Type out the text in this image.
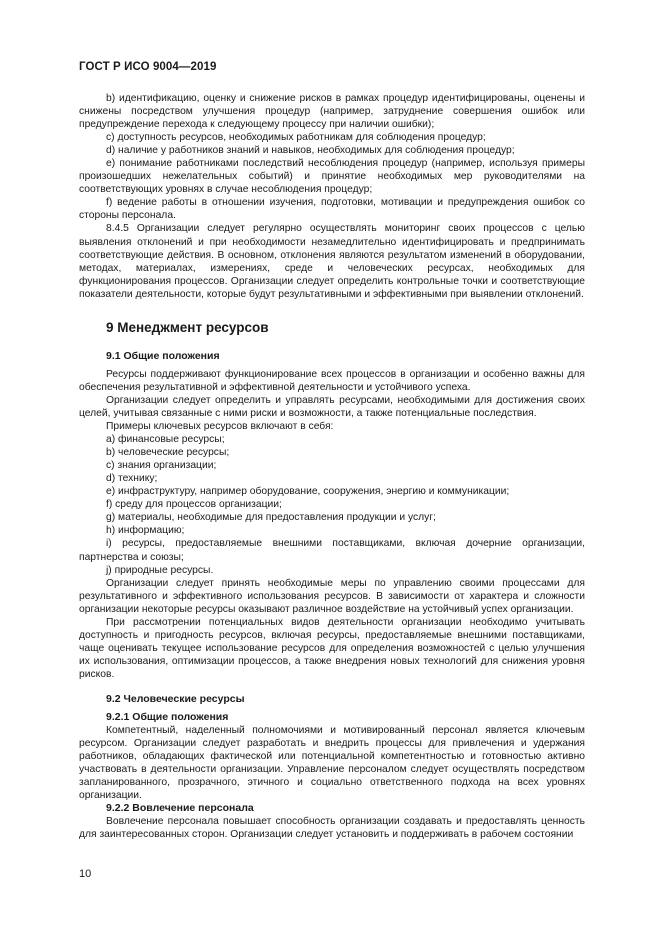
ГОСТ Р ИСО 9004—2019

b) идентификацию, оценку и снижение рисков в рамках процедур идентифицированы, оценены и снижены посредством улучшения процедур (например, затруднение совершения ошибок или предупреждение перехода к следующему процессу при наличии ошибки);

c) доступность ресурсов, необходимых работникам для соблюдения процедур;

d) наличие у работников знаний и навыков, необходимых для соблюдения процедур;

e) понимание работниками последствий несоблюдения процедур (например, используя примеры произошедших нежелательных событий) и принятие необходимых мер руководителями на соответствующих уровнях в случае несоблюдения процедур;

f) ведение работы в отношении изучения, подготовки, мотивации и предупреждения ошибок со стороны персонала.

8.4.5 Организации следует регулярно осуществлять мониторинг своих процессов с целью выявления отклонений и при необходимости незамедлительно идентифицировать и предпринимать соответствующие действия. В основном, отклонения являются результатом изменений в оборудовании, методах, материалах, измерениях, среде и человеческих ресурсах, необходимых для функционирования процессов. Организации следует определить контрольные точки и соответствующие показатели деятельности, которые будут результативными и эффективными при выявлении отклонений.

9 Менеджмент ресурсов

9.1 Общие положения

Ресурсы поддерживают функционирование всех процессов в организации и особенно важны для обеспечения результативной и эффективной деятельности и устойчивого успеха.

Организации следует определить и управлять ресурсами, необходимыми для достижения своих целей, учитывая связанные с ними риски и возможности, а также потенциальные последствия.

Примеры ключевых ресурсов включают в себя:

a) финансовые ресурсы;

b) человеческие ресурсы;

c) знания организации;

d) технику;

e) инфраструктуру, например оборудование, сооружения, энергию и коммуникации;

f) среду для процессов организации;

g) материалы, необходимые для предоставления продукции и услуг;

h) информацию;

i) ресурсы, предоставляемые внешними поставщиками, включая дочерние организации, партнерства и союзы;

j) природные ресурсы.

Организации следует принять необходимые меры по управлению своими процессами для результативного и эффективного использования ресурсов. В зависимости от характера и сложности организации некоторые ресурсы оказывают различное воздействие на устойчивый успех организации.

При рассмотрении потенциальных видов деятельности организации необходимо учитывать доступность и пригодность ресурсов, включая ресурсы, предоставляемые внешними поставщиками, чаще оценивать текущее использование ресурсов для определения возможностей с целью улучшения их использования, оптимизации процессов, а также внедрения новых технологий для снижения уровня рисков.

9.2 Человеческие ресурсы

9.2.1 Общие положения

Компетентный, наделенный полномочиями и мотивированный персонал является ключевым ресурсом. Организации следует разработать и внедрить процессы для привлечения и удержания работников, обладающих фактической или потенциальной компетентностью и готовностью активно участвовать в деятельности организации. Управление персоналом следует осуществлять посредством запланированного, прозрачного, этичного и социально ответственного подхода на всех уровнях организации.

9.2.2 Вовлечение персонала

Вовлечение персонала повышает способность организации создавать и предоставлять ценность для заинтересованных сторон. Организации следует установить и поддерживать в рабочем состоянии

10
